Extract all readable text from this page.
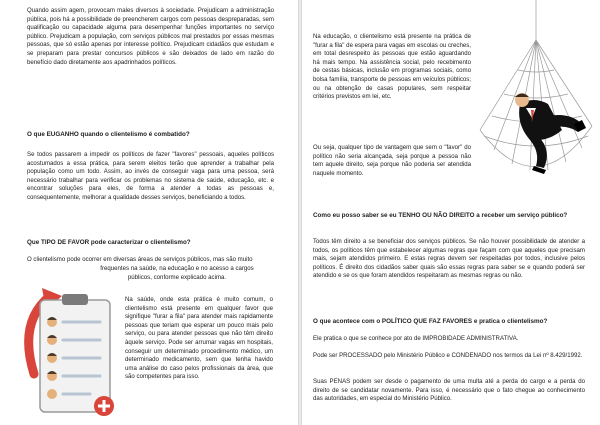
Quando assim agem, provocam males diversos à sociedade. Prejudicam a administração pública, pois há a possibilidade de preencherem cargos com pessoas despreparadas, sem qualificação ou capacidade alguma para desempenhar funções importantes no serviço público. Prejudicam a população, com serviços públicos mal prestados por essas mesmas pessoas, que só estão apenas por interesse político. Prejudicam cidadãos que estudam e se preparam para prestar concursos públicos e são deixados de lado em razão do benefício dado diretamente aos apadrinhados políticos.

O que EUGANHO quando o clientelismo é combatido?

Se todos passarem a impedir os políticos de fazer "favores" pessoais, aqueles políticos acostumados a essa prática, para serem eleitos terão que aprender a trabalhar pela população como um todo. Assim, ao invés de conseguir vaga para uma pessoa, será necessário trabalhar para verificar os problemas no sistema de saúde, educação, etc. e encontrar soluções para eles, de forma a atender a todas as pessoas e, consequentemente, melhorar a qualidade desses serviços, beneficiando a todos.

Que TIPO DE FAVOR pode caracterizar o clientelismo?

O clientelismo pode ocorrer em diversas áreas de serviços públicos, mas são muito

frequentes na saúde, na educação e no acesso a cargos

públicos, conforme explicado acima.

Na saúde, onde esta prática é muito comum, o clientelismo está presente em qualquer favor que signifique "furar a fila" para atender mais rapidamente pessoas que teriam que esperar um pouco mais pelo serviço, ou para atender pessoas que não têm direito àquele serviço. Pode ser arrumar vagas em hospitais, conseguir um determinado procedimento médico, um determinado medicamento, sem que tenha havido uma análise do caso pelos profissionais da área, que são competentes para isso.

Na educação, o clientelismo está presente na prática de "furar a fila" de espera para vagas em escolas ou creches, em total desrespeito às pessoas que estão aguardando há mais tempo. Na assistência social, pelo recebimento de cestas básicas, inclusão em programas sociais, como bolsa família, transporte de pessoas em veículos públicos; ou na obtenção de casas populares, sem respeitar critérios previstos em lei, etc.

Ou seja, qualquer tipo de vantagem que sem o "favor" do político não seria alcançada, seja porque a pessoa não tem aquele direito, seja porque não poderia ser atendida naquele momento.

Como eu posso saber se eu TENHO OU NÃO DIREITO a receber um serviço público?

Todos têm direito a se beneficiar dos serviços públicos. Se não houver possibilidade de atender a todos, os políticos têm que estabelecer algumas regras que façam com que aqueles que precisam mais, sejam atendidos primeiro. E estas regras devem ser respeitadas por todos, inclusive pelos políticos. É direito dos cidadãos saber quais são essas regras para saber se e quando poderá ser atendido e se os que foram atendidos respeitaram as mesmas regras ou não.

O que acontece com o POLÍTICO QUE FAZ FAVORES e pratica o clientelismo?

Ele pratica o que se conhece por ato de IMPROBIDADE ADMINISTRATIVA.

Pode ser PROCESSADO pelo Ministério Público e CONDENADO nos termos da Lei nº 8.429/1992.

Suas PENAS podem ser desde o pagamento de uma multa até a perda do cargo e a perda do direito de se candidatar novamente. Para isso, é necessário que o fato chegue ao conhecimento das autoridades, em especial do Ministério Público.
